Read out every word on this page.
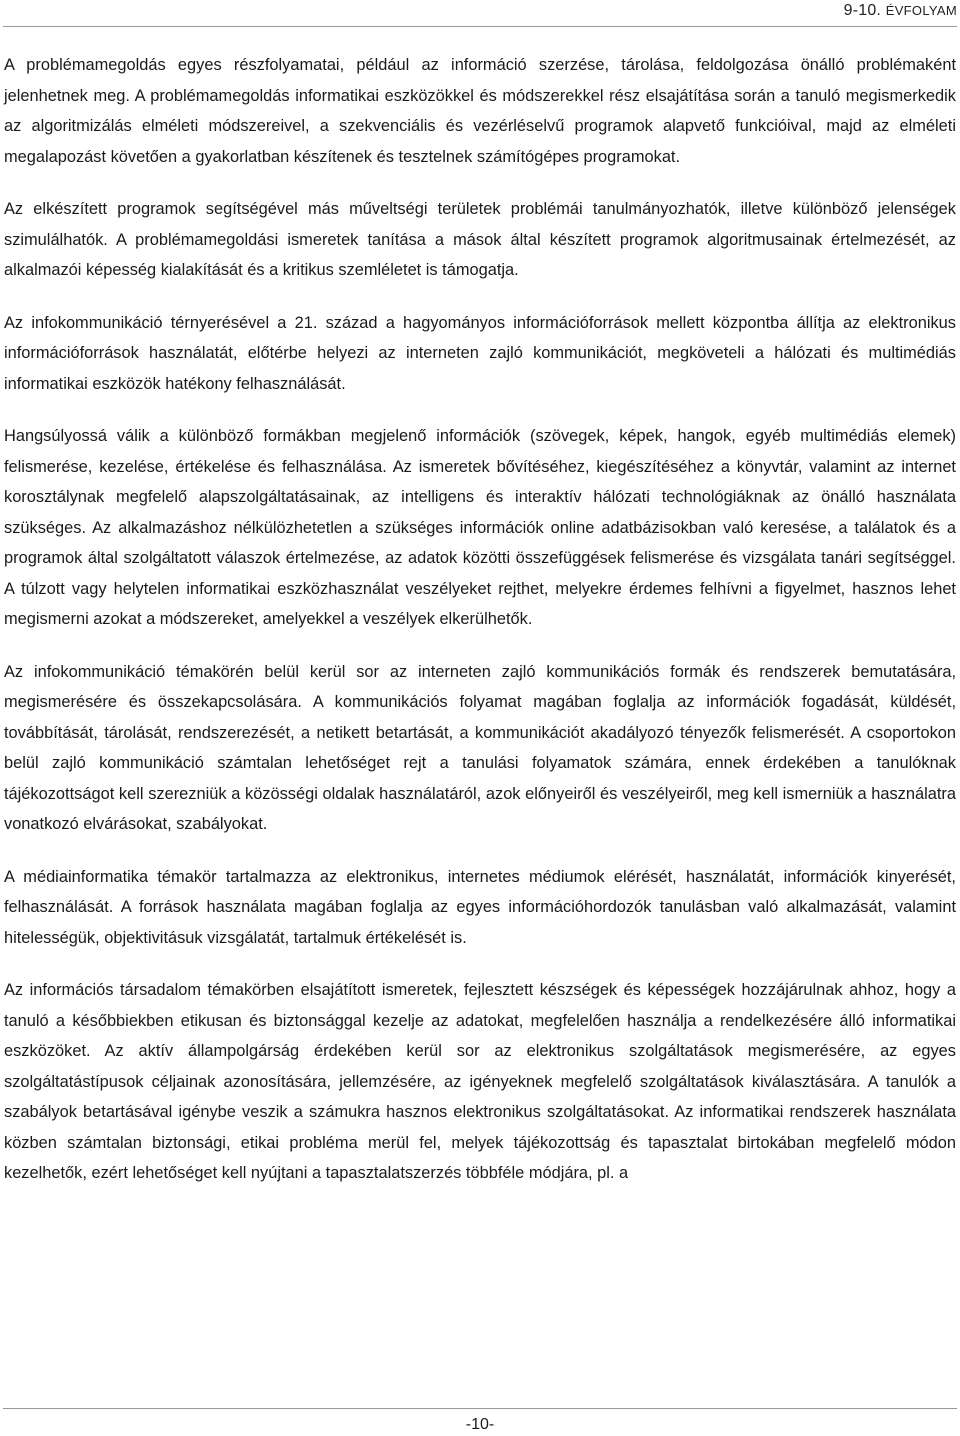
9-10. ÉVFOLYAM

A problémamegoldás egyes részfolyamatai, például az információ szerzése, tárolása, feldolgozása önálló problémaként jelenhetnek meg. A problémamegoldás informatikai eszközökkel és módszerekkel rész elsajátítása során a tanuló megismerkedik az algoritmizálás elméleti módszereivel, a szekvenciális és vezérléselvű programok alapvető funkcióival, majd az elméleti megalapozást követően a gyakorlatban készítenek és tesztelnek számítógépes programokat.

Az elkészített programok segítségével más műveltségi területek problémái tanulmányozhatók, illetve különböző jelenségek szimulálhatók. A problémamegoldási ismeretek tanítása a mások által készített programok algoritmusainak értelmezését, az alkalmazói képesség kialakítását és a kritikus szemléletet is támogatja.

Az infokommunikáció térnyerésével a 21. század a hagyományos információforrások mellett központba állítja az elektronikus információforrások használatát, előtérbe helyezi az interneten zajló kommunikációt, megköveteli a hálózati és multimédiás informatikai eszközök hatékony felhasználását.

Hangsúlyossá válik a különböző formákban megjelenő információk (szövegek, képek, hangok, egyéb multimédiás elemek) felismerése, kezelése, értékelése és felhasználása. Az ismeretek bővítéséhez, kiegészítéséhez a könyvtár, valamint az internet korosztálynak megfelelő alapszolgáltatásainak, az intelligens és interaktív hálózati technológiáknak az önálló használata szükséges. Az alkalmazáshoz nélkülözhetetlen a szükséges információk online adatbázisokban való keresése, a találatok és a programok által szolgáltatott válaszok értelmezése, az adatok közötti összefüggések felismerése és vizsgálata tanári segítséggel. A túlzott vagy helytelen informatikai eszközhasználat veszélyeket rejthet, melyekre érdemes felhívni a figyelmet, hasznos lehet megismerni azokat a módszereket, amelyekkel a veszélyek elkerülhetők.

Az infokommunikáció témakörén belül kerül sor az interneten zajló kommunikációs formák és rendszerek bemutatására, megismerésére és összekapcsolására. A kommunikációs folyamat magában foglalja az információk fogadását, küldését, továbbítását, tárolását, rendszerezését, a netikett betartását, a kommunikációt akadályozó tényezők felismerését. A csoportokon belül zajló kommunikáció számtalan lehetőséget rejt a tanulási folyamatok számára, ennek érdekében a tanulóknak tájékozottságot kell szerezniük a közösségi oldalak használatáról, azok előnyeiről és veszélyeiről, meg kell ismerniük a használatra vonatkozó elvárásokat, szabályokat.

A médiainformatika témakör tartalmazza az elektronikus, internetes médiumok elérését, használatát, információk kinyerését, felhasználását. A források használata magában foglalja az egyes információhordozók tanulásban való alkalmazását, valamint hitelességük, objektivitásuk vizsgálatát, tartalmuk értékelését is.

Az információs társadalom témakörben elsajátított ismeretek, fejlesztett készségek és képességek hozzájárulnak ahhoz, hogy a tanuló a későbbiekben etikusan és biztonsággal kezelje az adatokat, megfelelően használja a rendelkezésére álló informatikai eszközöket. Az aktív állampolgárság érdekében kerül sor az elektronikus szolgáltatások megismerésére, az egyes szolgáltatástípusok céljainak azonosítására, jellemzésére, az igényeknek megfelelő szolgáltatások kiválasztására. A tanulók a szabályok betartásával igénybe veszik a számukra hasznos elektronikus szolgáltatásokat. Az informatikai rendszerek használata közben számtalan biztonsági, etikai probléma merül fel, melyek tájékozottság és tapasztalat birtokában megfelelő módon kezelhetők, ezért lehetőséget kell nyújtani a tapasztalatszerzés többféle módjára, pl. a

-10-
